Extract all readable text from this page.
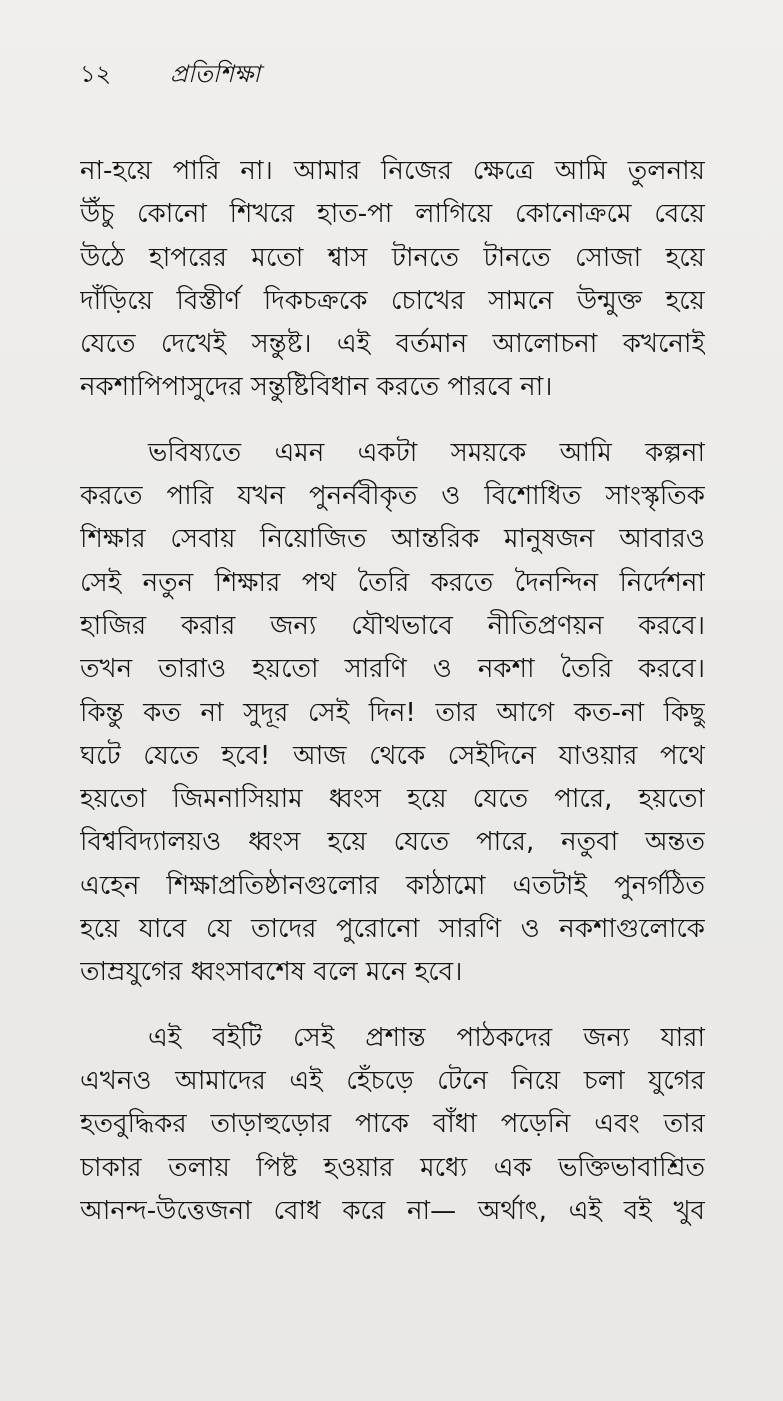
১২	প্রতিশিক্ষা
না-হয়ে পারি না। আমার নিজের ক্ষেত্রে আমি তুলনায়
উঁচু কোনো শিখরে হাত-পা লাগিয়ে কোনোক্রমে বেয়ে
উঠে হাপরের মতো শ্বাস টানতে টানতে সোজা হয়ে
দাঁড়িয়ে বিস্তীর্ণ দিকচক্রকে চোখের সামনে উন্মুক্ত হয়ে
যেতে দেখেই সন্তুষ্ট। এই বর্তমান আলোচনা কখনোই
নকশাপিপাসুদের সন্তুষ্টিবিধান করতে পারবে না।
ভবিষ্যতে এমন একটা সময়কে আমি কল্পনা
করতে পারি যখন পুনর্নবীকৃত ও বিশোধিত সাংস্কৃতিক
শিক্ষার সেবায় নিয়োজিত আন্তরিক মানুষজন আবারও
সেই নতুন শিক্ষার পথ তৈরি করতে দৈনন্দিন নির্দেশনা
হাজির করার জন্য যৌথভাবে নীতিপ্রণয়ন করবে।
তখন তারাও হয়তো সারণি ও নকশা তৈরি করবে।
কিন্তু কত না সুদূর সেই দিন! তার আগে কত-না কিছু
ঘটে যেতে হবে! আজ থেকে সেইদিনে যাওয়ার পথে
হয়তো জিমনাসিয়াম ধ্বংস হয়ে যেতে পারে, হয়তো
বিশ্ববিদ্যালয়ও ধ্বংস হয়ে যেতে পারে, নতুবা অন্তত
এহেন শিক্ষাপ্রতিষ্ঠানগুলোর কাঠামো এতটাই পুনর্গঠিত
হয়ে যাবে যে তাদের পুরোনো সারণি ও নকশাগুলোকে
তাম্রযুগের ধ্বংসাবশেষ বলে মনে হবে।
এই বইটি সেই প্রশান্ত পাঠকদের জন্য যারা
এখনও আমাদের এই হেঁচড়ে টেনে নিয়ে চলা যুগের
হতবুদ্ধিকর তাড়াহুড়োর পাকে বাঁধা পড়েনি এবং তার
চাকার তলায় পিষ্ট হওয়ার মধ্যে এক ভক্তিভাবাশ্রিত
আনন্দ-উত্তেজনা বোধ করে না— অর্থাৎ, এই বই খুব
